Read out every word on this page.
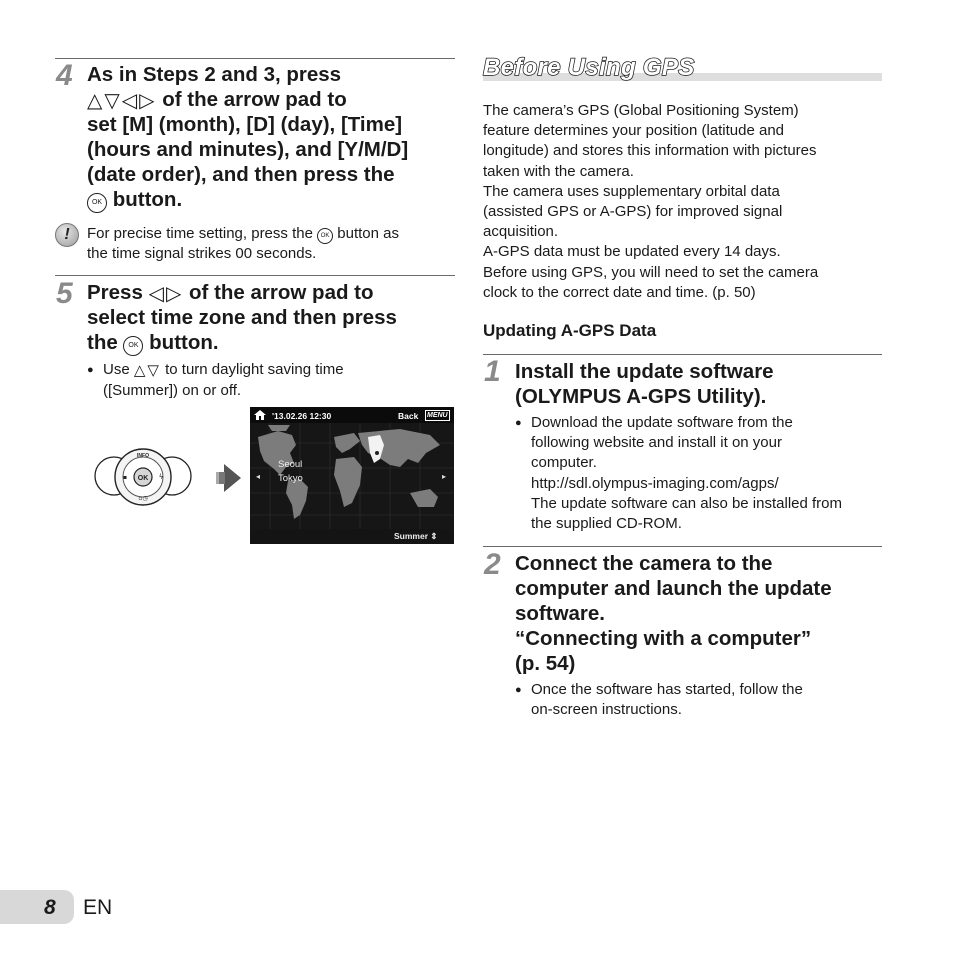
4 As in Steps 2 and 3, press
△▽◁▷ of the arrow pad to
set [M] (month), [D] (day), [Time]
(hours and minutes), and [Y/M/D]
(date order), and then press the
OK button.
!	For precise time setting, press the OK button as
the time signal strikes 00 seconds.
5 Press ◁▷ of the arrow pad to
select time zone and then press
the OK button.
● Use △▽ to turn daylight saving time
([Summer]) on or off.
OK
INFO
ϟ
▪
▫◷
'13.02.26 12:30	Back MENU
◂	▸
Seoul
Tokyo
Summer ⇕
Before Using GPS
The camera’s GPS (Global Positioning System)
feature determines your position (latitude and
longitude) and stores this information with pictures
taken with the camera.
The camera uses supplementary orbital data
(assisted GPS or A-GPS) for improved signal
acquisition.
A-GPS data must be updated every 14 days.
Before using GPS, you will need to set the camera
clock to the correct date and time. (p. 50)
Updating A-GPS Data
1 Install the update software
(OLYMPUS A-GPS Utility).
● Download the update software from the
following website and install it on your
computer.
http://sdl.olympus-imaging.com/agps/
The update software can also be installed from
the supplied CD-ROM.
2 Connect the camera to the
computer and launch the update
software.
“Connecting with a computer”
(p. 54)
● Once the software has started, follow the
on-screen instructions.
8 EN
